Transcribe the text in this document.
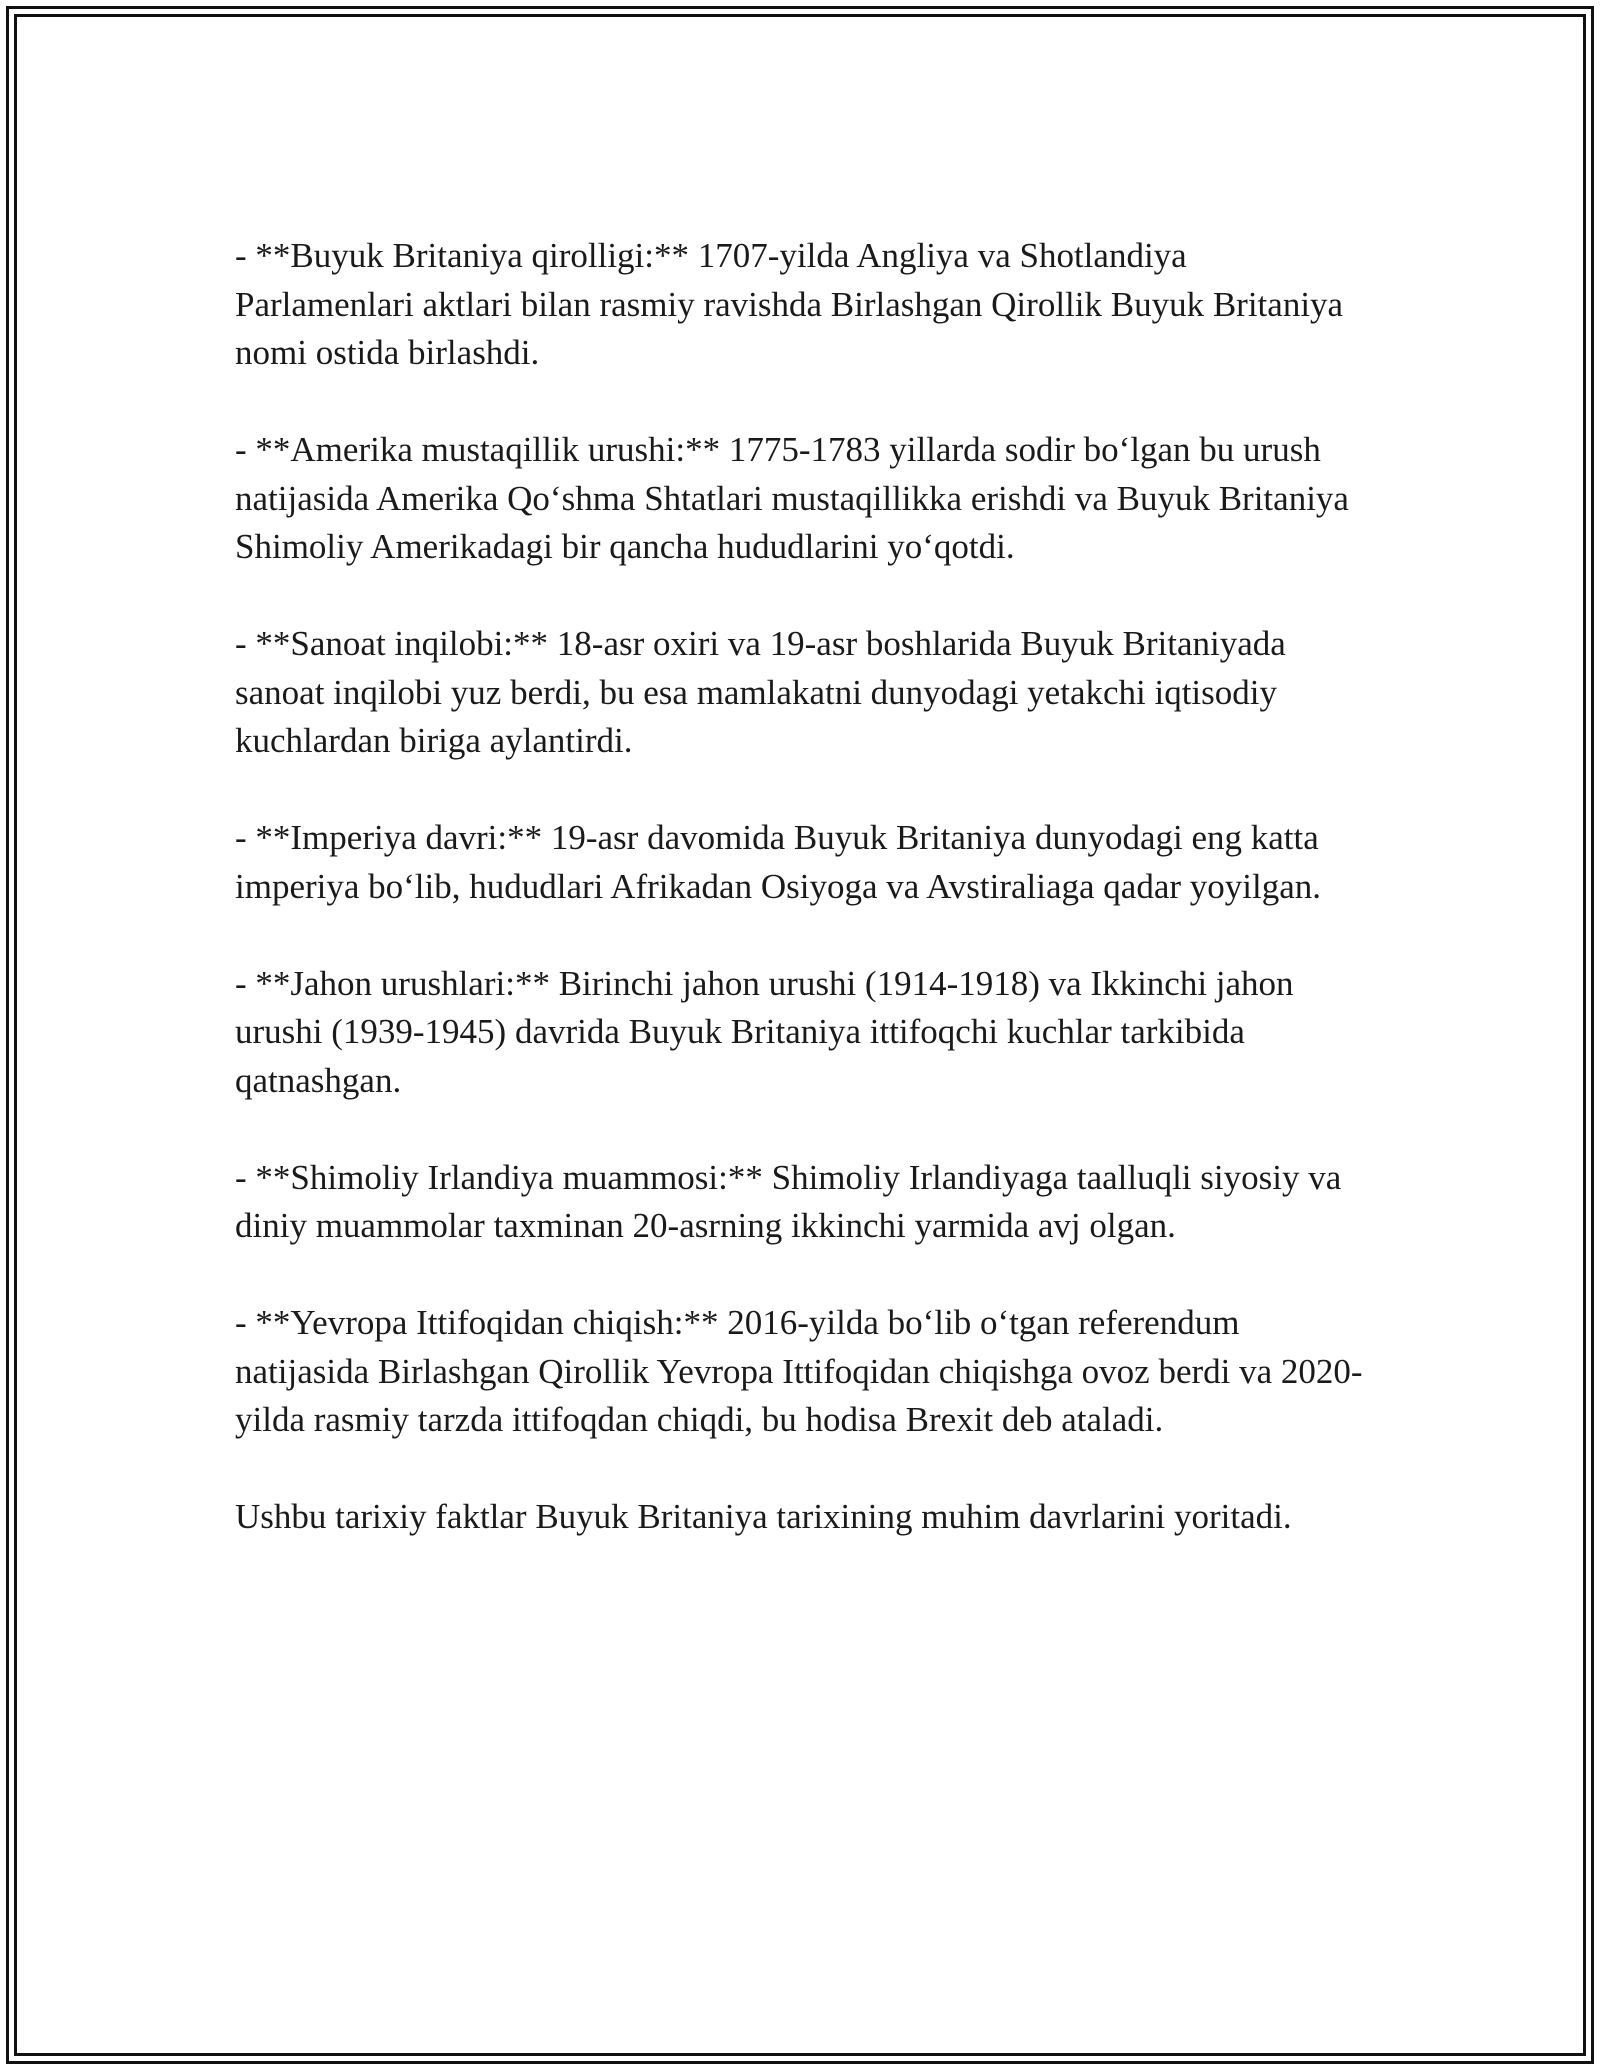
- **Buyuk Britaniya qirolligi:** 1707-yilda Angliya va Shotlandiya Parlamenlari aktlari bilan rasmiy ravishda Birlashgan Qirollik Buyuk Britaniya nomi ostida birlashdi.

- **Amerika mustaqillik urushi:** 1775-1783 yillarda sodir bo‘lgan bu urush natijasida Amerika Qo‘shma Shtatlari mustaqillikka erishdi va Buyuk Britaniya Shimoliy Amerikadagi bir qancha hududlarini yo‘qotdi.

- **Sanoat inqilobi:** 18-asr oxiri va 19-asr boshlarida Buyuk Britaniyada sanoat inqilobi yuz berdi, bu esa mamlakatni dunyodagi yetakchi iqtisodiy kuchlardan biriga aylantirdi.

- **Imperiya davri:** 19-asr davomida Buyuk Britaniya dunyodagi eng katta imperiya bo‘lib, hududlari Afrikadan Osiyoga va Avstiraliaga qadar yoyilgan.

- **Jahon urushlari:** Birinchi jahon urushi (1914-1918) va Ikkinchi jahon urushi (1939-1945) davrida Buyuk Britaniya ittifoqchi kuchlar tarkibida qatnashgan.

- **Shimoliy Irlandiya muammosi:** Shimoliy Irlandiyaga taalluqli siyosiy va diniy muammolar taxminan 20-asrning ikkinchi yarmida avj olgan.

- **Yevropa Ittifoqidan chiqish:** 2016-yilda bo‘lib o‘tgan referendum natijasida Birlashgan Qirollik Yevropa Ittifoqidan chiqishga ovoz berdi va 2020-yilda rasmiy tarzda ittifoqdan chiqdi, bu hodisa Brexit deb ataladi.

Ushbu tarixiy faktlar Buyuk Britaniya tarixining muhim davrlarini yoritadi.
